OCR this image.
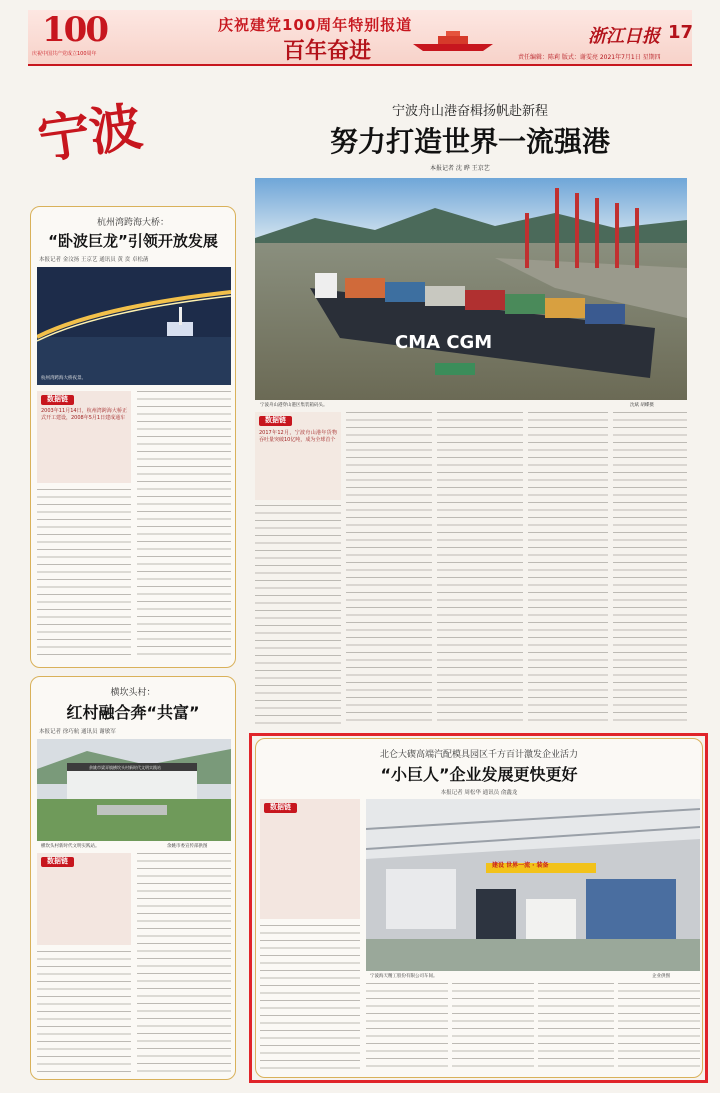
100
庆祝中国共产党成立100周年
庆祝建党100周年特别报道
百年奋进
浙江日报 17
责任编辑：陈莉 版式：谢雯亮 2021年7月1日 星期四
宁波	宁波舟山港奋楫扬帆赴新程
努力打造世界一流强港
本报记者 沈 晔 王京艺
CMA CGM
宁波舟山港穿山港区集装箱码头。	沈斌 胡蝶摄
数据链
2017年12月，宁波舟山港年货物吞吐量突破10亿吨，成为全球首个
杭州湾跨海大桥：
“卧波巨龙”引领开放发展
本报记者 金汶扬 王京艺 通讯员 黄 贲 卓松菡
杭州湾跨海大桥夜景。
数据链
2003年11月14日，杭州湾跨海大桥正式开工建设，2008年5月1日建成通车
横坎头村：
红村融合奔“共富”
本报记者 徐巧航 通讯员 谢敏军
余姚市梁弄镇横坎头村新时代文明实践站
横坎头村新时代文明实践站。	余姚市委宣传部供图
数据链
北仑大碶高端汽配模具园区千方百计激发企业活力
“小巨人”企业发展更快更好
本报记者 周松华 通讯员 俞鑫龙
数据链
建设 世界一流 · 装备
宁波海天精工股份有限公司车间。	企业供图
